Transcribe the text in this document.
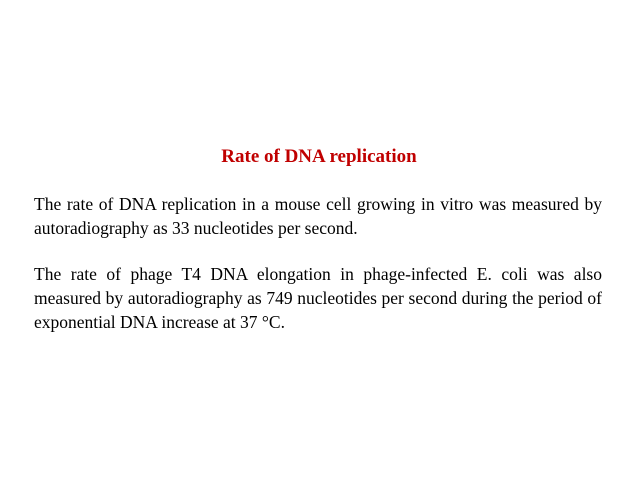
Rate of DNA replication

The rate of DNA replication in a mouse cell growing in vitro was measured by autoradiography as 33 nucleotides per second.

The rate of phage T4 DNA elongation in phage-infected E. coli was also measured by autoradiography as 749 nucleotides per second during the period of exponential DNA increase at 37 °C.
